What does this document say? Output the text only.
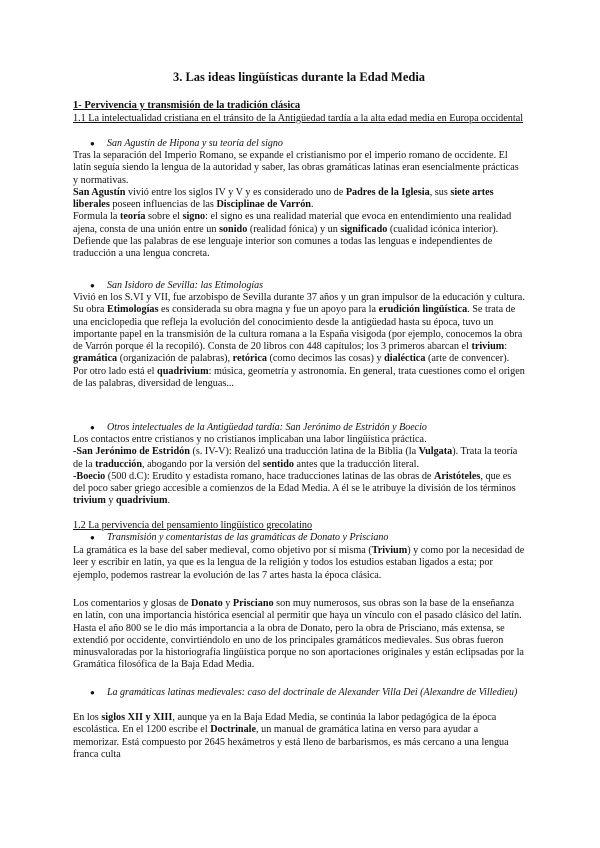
3. Las ideas lingüísticas durante la Edad Media
1- Pervivencia y transmisión de la tradición clásica
1.1 La intelectualidad cristiana en el tránsito de la Antigüedad tardía a la alta edad media en Europa occidental
● San Agustín de Hipona y su teoría del signo

Tras la separación del Imperio Romano, se expande el cristianismo por el imperio romano de occidente. El latín seguía siendo la lengua de la autoridad y saber, las obras gramáticas latinas eran esencialmente prácticas y normativas.

San Agustín vivió entre los siglos IV y V y es considerado uno de Padres de la Iglesia, sus siete artes liberales poseen influencias de las Disciplinae de Varrón.

Formula la teoría sobre el signo: el signo es una realidad material que evoca en entendimiento una realidad ajena, consta de una unión entre un sonido (realidad fónica) y un significado (cualidad icónica interior). Defiende que las palabras de ese lenguaje interior son comunes a todas las lenguas e independientes de traducción a una lengua concreta.

● San Isidoro de Sevilla: las Etimologías

Vivió en los S.VI y VII, fue arzobispo de Sevilla durante 37 años y un gran impulsor de la educación y cultura.

Su obra Etimologías es considerada su obra magna y fue un apoyo para la erudición lingüística. Se trata de una enciclopedia que refleja la evolución del conocimiento desde la antigüedad hasta su época, tuvo un importante papel en la transmisión de la cultura romana a la España visigoda (por ejemplo, conocemos la obra de Varrón porque él la recopiló). Consta de 20 libros con 448 capítulos; los 3 primeros abarcan el trivium: gramática (organización de palabras), retórica (como decimos las cosas) y dialéctica (arte de convencer). Por otro lado está el quadrivium: música, geometría y astronomía. En general, trata cuestiones como el origen de las palabras, diversidad de lenguas...

● Otros intelectuales de la Antigüedad tardía: San Jerónimo de Estridón y Boecio

Los contactos entre cristianos y no cristianos implicaban una labor lingüística práctica.

-San Jerónimo de Estridón (s. IV-V): Realizó una traducción latina de la Biblia (la Vulgata). Trata la teoría de la traducción, abogando por la versión del sentido antes que la traducción literal.

-Boecio (500 d.C): Erudito y estadista romano, hace traducciones latinas de las obras de Aristóteles, que es del poco saber griego accesible a comienzos de la Edad Media. A él se le atribuye la división de los términos trivium y quadrivium.

1.2 La pervivencia del pensamiento lingüístico grecolatino
● Transmisión y comentaristas de las gramáticas de Donato y Prisciano

La gramática es la base del saber medieval, como objetivo por sí misma (Trivium) y como por la necesidad de leer y escribir en latín, ya que es la lengua de la religión y todos los estudios estaban ligados a esta; por ejemplo, podemos rastrear la evolución de las 7 artes hasta la época clásica.

Los comentarios y glosas de Donato y Prisciano son muy numerosos, sus obras son la base de la enseñanza en latín, con una importancia histórica esencial al permitir que haya un vínculo con el pasado clásico del latín. Hasta el año 800 se le dio más importancia a la obra de Donato, pero la obra de Prisciano, más extensa, se extendió por occidente, convirtiéndolo en uno de los principales gramáticos medievales. Sus obras fueron minusvaloradas por la historiografía lingüística porque no son aportaciones originales y están eclipsadas por la Gramática filosófica de la Baja Edad Media.

● La gramáticas latinas medievales: caso del doctrinale de Alexander Villa Dei (Alexandre de Villedieu)

En los siglos XII y XIII, aunque ya en la Baja Edad Media, se continúa la labor pedagógica de la época escolástica. En el 1200 escribe el Doctrinale, un manual de gramática latina en verso para ayudar a memorizar. Está compuesto por 2645 hexámetros y está lleno de barbarismos, es más cercano a una lengua franca culta
